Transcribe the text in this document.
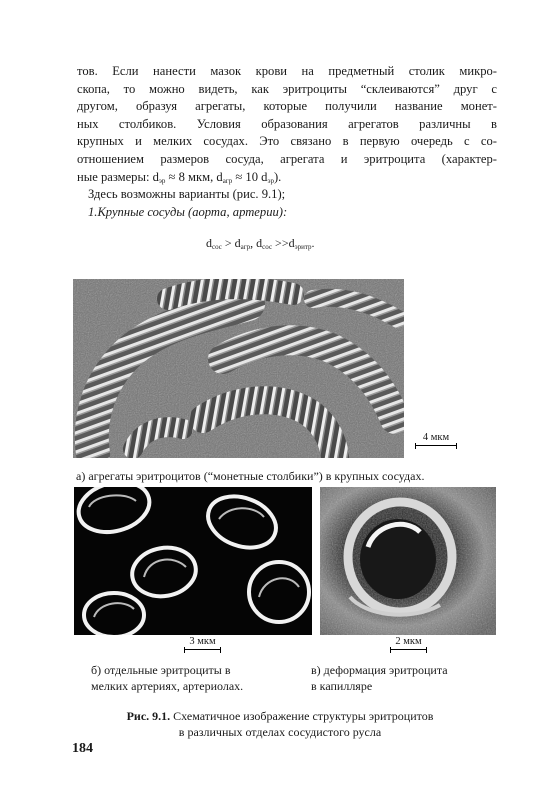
тов. Если нанести мазок крови на предметный столик микро-
скопа, то можно видеть, как эритроциты “склеиваются” друг с
другом, образуя агрегаты, которые получили название монет-
ных столбиков. Условия образования агрегатов различны в
крупных и мелких сосудах. Это связано в первую очередь с со-
отношением размеров сосуда, агрегата и эритроцита (характер-
ные размеры: $d_{эр} \approx 8$ мкм, $d_{агр} \approx 10$ $d_{эр}$).

Здесь возможны варианты (рис. 9.1);

1.Крупные сосуды (аорта, артерии):

$d_{сос} > d_{агр}$, $d_{сос} >>d_{эритр}$.
4 мкм

а) агрегаты эритроцитов (“монетные столбики”) в крупных сосудах.

3 мкм

б) отдельные эритроциты в
мелких артериях, артериолах.

2 мкм

в) деформация эритроцита
в капилляре

Рис. 9.1. Схематичное изображение структуры эритроцитов
в различных отделах сосудистого русла

184
